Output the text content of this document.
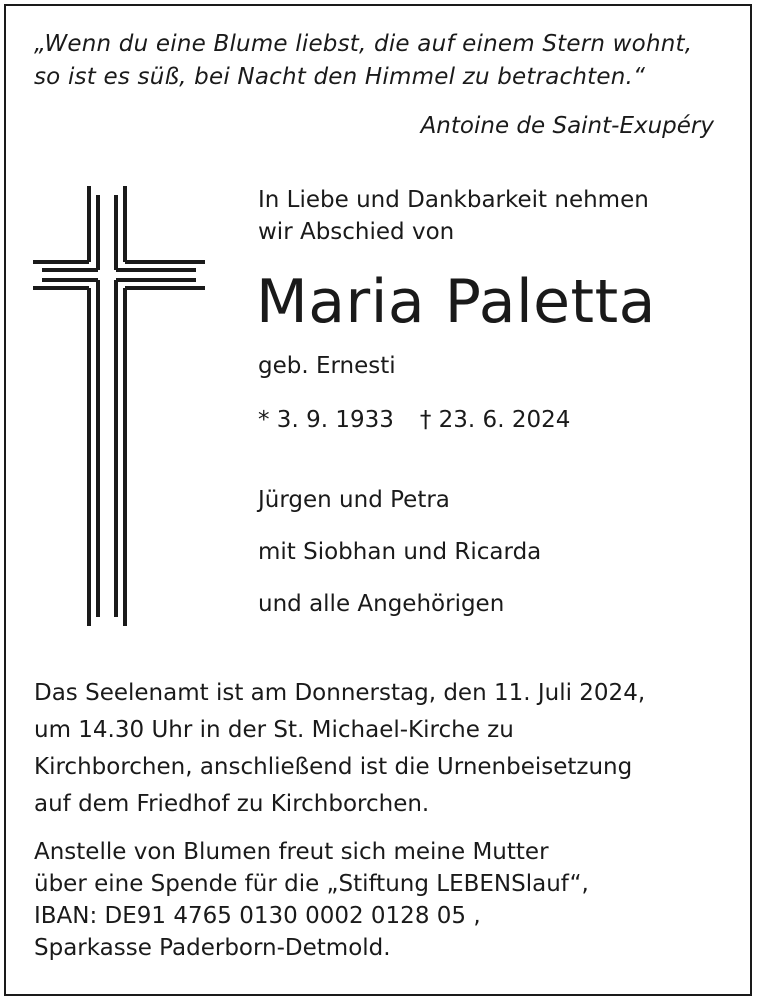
„Wenn du eine Blume liebst, die auf einem Stern wohnt,
so ist es süß, bei Nacht den Himmel zu betrachten.“
Antoine de Saint-Exupéry
In Liebe und Dankbarkeit nehmen
wir Abschied von
Maria Paletta
geb. Ernesti
* 3. 9. 1933 † 23. 6. 2024
Jürgen und Petra
mit Siobhan und Ricarda
und alle Angehörigen
Das Seelenamt ist am Donnerstag, den 11. Juli 2024,
um 14.30 Uhr in der St. Michael-Kirche zu
Kirchborchen, anschließend ist die Urnenbeisetzung
auf dem Friedhof zu Kirchborchen.
Anstelle von Blumen freut sich meine Mutter
über eine Spende für die „Stiftung LEBENSlauf“,
IBAN: DE91 4765 0130 0002 0128 05 ,
Sparkasse Paderborn-Detmold.
